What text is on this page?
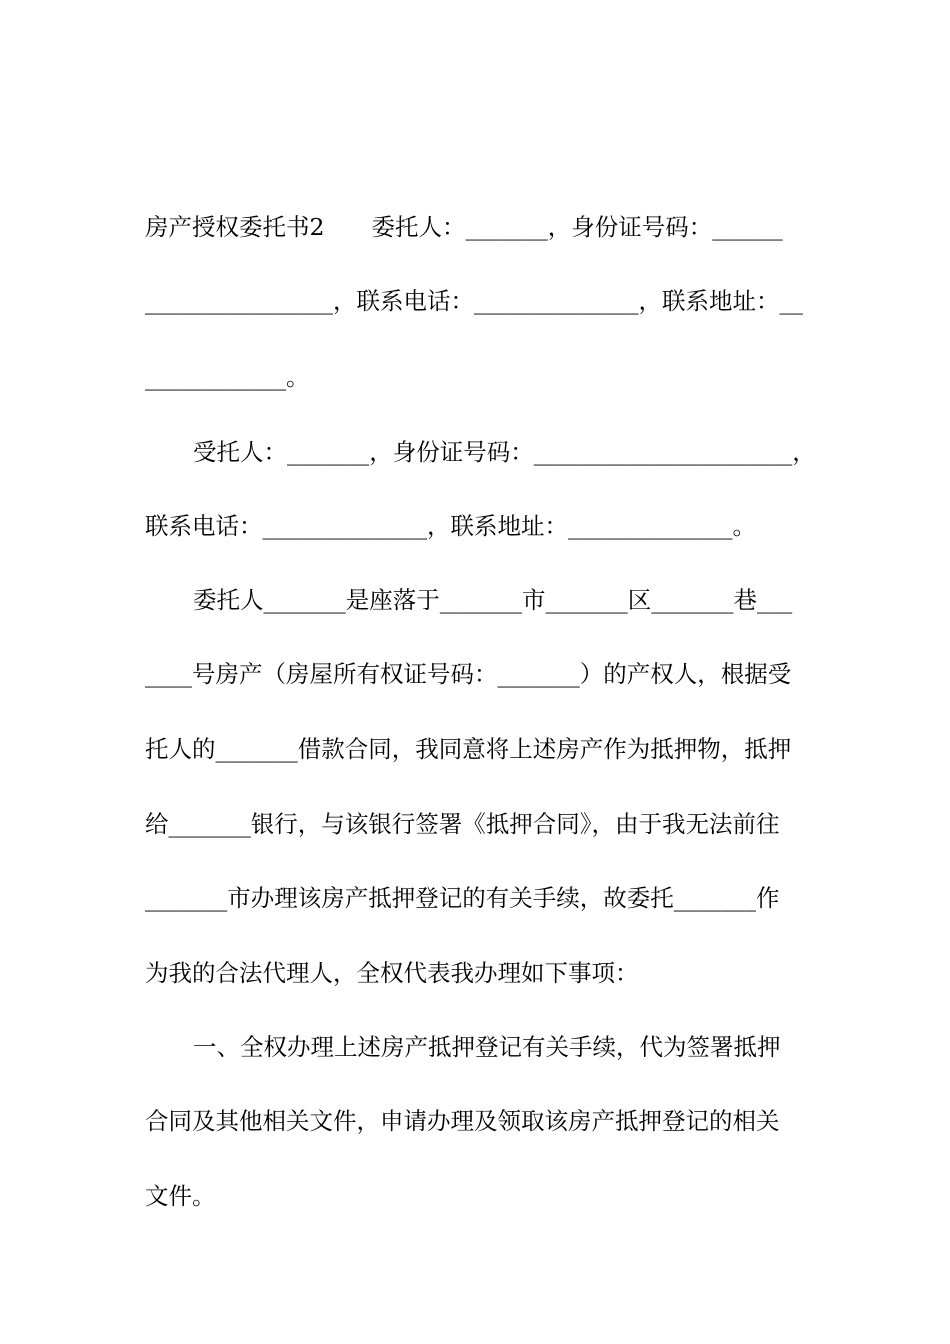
房产授权委托书2　　委托人：_______，身份证号码：______
________________，联系电话：______________，联系地址：__
____________。
受托人：_______，身份证号码：______________________，
联系电话：______________，联系地址：______________。
委托人_______是座落于_______市_______区_______巷___
____号房产（房屋所有权证号码：_______）的产权人，根据受
托人的_______借款合同，我同意将上述房产作为抵押物，抵押
给_______银行，与该银行签署《抵押合同》，由于我无法前往
_______市办理该房产抵押登记的有关手续，故委托_______作
为我的合法代理人，全权代表我办理如下事项：
一、全权办理上述房产抵押登记有关手续，代为签署抵押
合同及其他相关文件，申请办理及领取该房产抵押登记的相关
文件。
